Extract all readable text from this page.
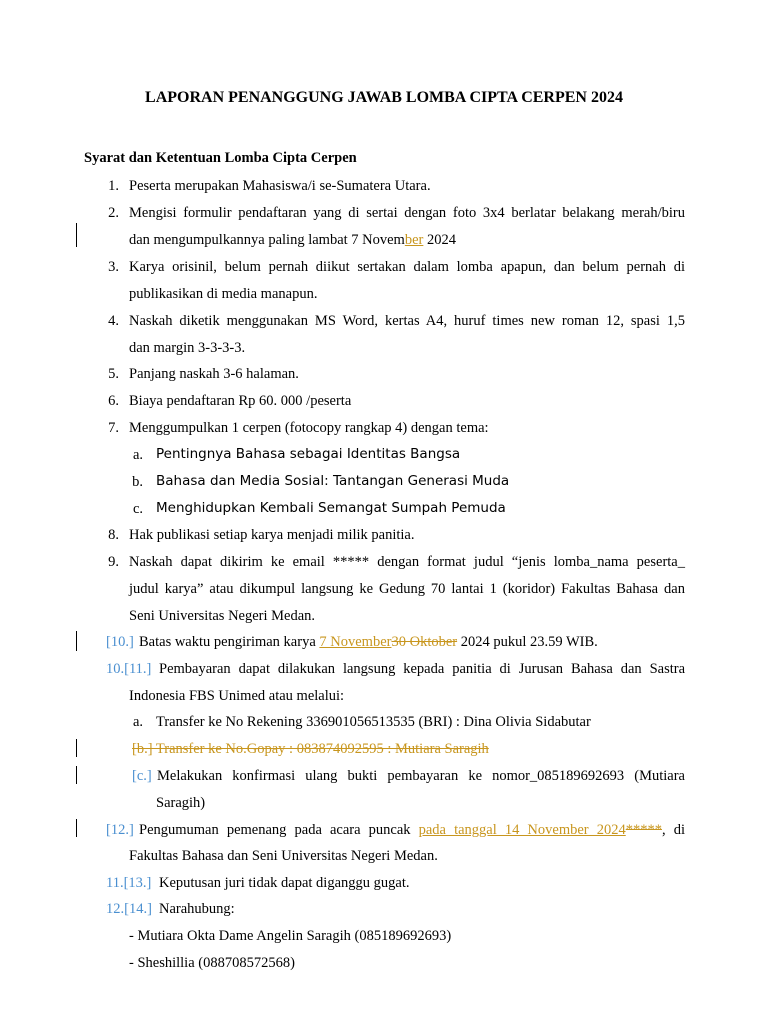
LAPORAN PENANGGUNG JAWAB LOMBA CIPTA CERPEN 2024
Syarat dan Ketentuan Lomba Cipta Cerpen
1. Peserta merupakan Mahasiswa/i se-Sumatera Utara.
2. Mengisi formulir pendaftaran yang di sertai dengan foto 3x4 berlatar belakang merah/biru
dan mengumpulkannya paling lambat 7 November 2024
3. Karya orisinil, belum pernah diikut sertakan dalam lomba apapun, dan belum pernah di
publikasikan di media manapun.
4. Naskah diketik menggunakan MS Word, kertas A4, huruf times new roman 12, spasi 1,5
dan margin 3-3-3-3.
5. Panjang naskah 3-6 halaman.
6. Biaya pendaftaran Rp 60. 000 /peserta
7. Menggumpulkan 1 cerpen (fotocopy rangkap 4) dengan tema:
a. Pentingnya Bahasa sebagai Identitas Bangsa
b. Bahasa dan Media Sosial: Tantangan Generasi Muda
c. Menghidupkan Kembali Semangat Sumpah Pemuda
8. Hak publikasi setiap karya menjadi milik panitia.
9. Naskah dapat dikirim ke email ***** dengan format judul “jenis lomba_nama peserta_
judul karya” atau dikumpul langsung ke Gedung 70 lantai 1 (koridor) Fakultas Bahasa dan
Seni Universitas Negeri Medan.
[10.] Batas waktu pengiriman karya 7 November30 Oktober 2024 pukul 23.59 WIB.
10.[11.] Pembayaran dapat dilakukan langsung kepada panitia di Jurusan Bahasa dan Sastra
Indonesia FBS Unimed atau melalui:
a. Transfer ke No Rekening 336901056513535 (BRI) : Dina Olivia Sidabutar
[b.] Transfer ke No.Gopay : 083874092595 : Mutiara Saragih
[c.] Melakukan konfirmasi ulang bukti pembayaran ke nomor_085189692693 (Mutiara
Saragih)
[12.] Pengumuman pemenang pada acara puncak pada tanggal 14 November 2024*****, di
Fakultas Bahasa dan Seni Universitas Negeri Medan.
11.[13.] Keputusan juri tidak dapat diganggu gugat.
12.[14.] Narahubung:
- Mutiara Okta Dame Angelin Saragih (085189692693)
- Sheshillia (088708572568)
